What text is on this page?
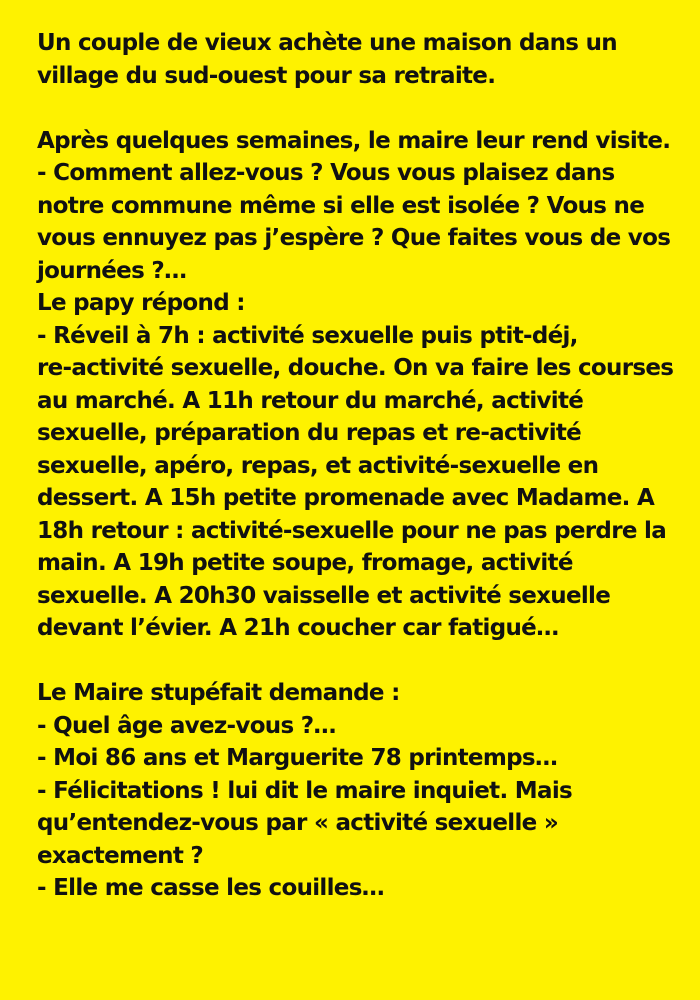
Un couple de vieux achète une maison dans un
village du sud-ouest pour sa retraite.
Après quelques semaines, le maire leur rend visite.
- Comment allez-vous ? Vous vous plaisez dans
notre commune même si elle est isolée ? Vous ne
vous ennuyez pas j’espère ? Que faites vous de vos
journées ?…
Le papy répond :
- Réveil à 7h : activité sexuelle puis ptit-déj,
re-activité sexuelle, douche. On va faire les courses
au marché. A 11h retour du marché, activité
sexuelle, préparation du repas et re-activité
sexuelle, apéro, repas, et activité-sexuelle en
dessert. A 15h petite promenade avec Madame. A
18h retour : activité-sexuelle pour ne pas perdre la
main. A 19h petite soupe, fromage, activité
sexuelle. A 20h30 vaisselle et activité sexuelle
devant l’évier. A 21h coucher car fatigué…
Le Maire stupéfait demande :
- Quel âge avez-vous ?…
- Moi 86 ans et Marguerite 78 printemps…
- Félicitations ! lui dit le maire inquiet. Mais
qu’entendez-vous par « activité sexuelle »
exactement ?
- Elle me casse les couilles…
